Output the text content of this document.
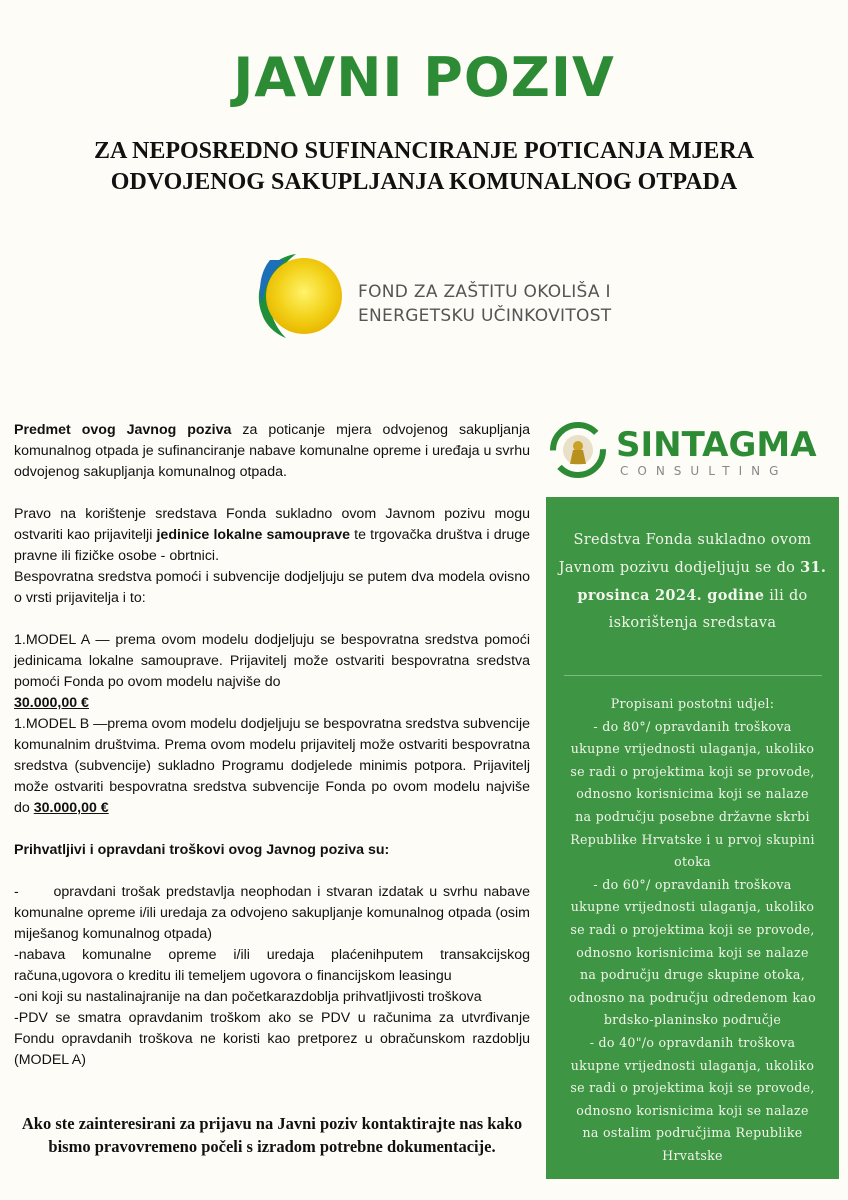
JAVNI POZIV
ZA NEPOSREDNO SUFINANCIRANJE POTICANJA MJERA
ODVOJENOG SAKUPLJANJA KOMUNALNOG OTPADA
FOND ZA ZAŠTITU OKOLIŠA I
ENERGETSKU UČINKOVITOST

Predmet ovog Javnog poziva za poticanje mjera odvojenog sakupljanja komunalnog otpada je sufinanciranje nabave komunalne opreme i uređaja u svrhu odvojenog sakupljanja komunalnog otpada.

Pravo na korištenje sredstava Fonda sukladno ovom Javnom pozivu mogu ostvariti kao prijavitelji jedinice lokalne samouprave te trgovačka društva i druge pravne ili fizičke osobe - obrtnici.

Bespovratna sredstva pomoći i subvencije dodjeljuju se putem dva modela ovisno o vrsti prijavitelja i to:

1.MODEL A — prema ovom modelu dodjeljuju se bespovratna sredstva pomoći jedinicama lokalne samouprave. Prijavitelj može ostvariti bespovratna sredstva pomoći Fonda po ovom modelu najviše do

30.000,00 €

1.MODEL B —prema ovom modelu dodjeljuju se bespovratna sredstva subvencije komunalnim društvima. Prema ovom modelu prijavitelj može ostvariti bespovratna sredstva (subvencije) sukladno Programu dodjelede minimis potpora. Prijavitelj može ostvariti bespovratna sredstva subvencije Fonda po ovom modelu najviše do 30.000,00 €

Prihvatljivi i opravdani troškovi ovog Javnog poziva su:

-      opravdani trošak predstavlja neophodan i stvaran izdatak u svrhu nabave komunalne opreme i/ili uredaja za odvojeno sakupljanje komunalnog otpada (osim miješanog komunalnog otpada)

-nabava komunalne opreme i/ili uredaja plaćenihputem transakcijskog računa,ugovora o kreditu ili temeljem ugovora o financijskom leasingu

-oni koji su nastalinajranije na dan početkarazdoblja prihvatljivosti troškova

-PDV se smatra opravdanim troškom ako se PDV u računima za utvrđivanje Fondu opravdanih troškova ne koristi kao pretporez u obračunskom razdoblju (MODEL A)

Ako ste zainteresirani za prijavu na Javni poziv kontaktirajte nas kako bismo pravovremeno počeli s izradom potrebne dokumentacije.
SINTAGMA
CONSULTING
Sredstva Fonda sukladno ovom Javnom pozivu dodjeljuju se do 31. prosinca 2024. godine ili do iskorištenja sredstava
Propisani postotni udjel:
- do 80°/ opravdanih troškova
ukupne vrijednosti ulaganja, ukoliko
se radi o projektima koji se provode,
odnosno korisnicima koji se nalaze
na području posebne državne skrbi
Republike Hrvatske i u prvoj skupini
otoka
- do 60°/ opravdanih troškova
ukupne vrijednosti ulaganja, ukoliko
se radi o projektima koji se provode,
odnosno korisnicima koji se nalaze
na području druge skupine otoka,
odnosno na području odredenom kao
brdsko-planinsko područje
- do 40"/o opravdanih troškova
ukupne vrijednosti ulaganja, ukoliko
se radi o projektima koji se provode,
odnosno korisnicima koji se nalaze
na ostalim područjima Republike
Hrvatske
